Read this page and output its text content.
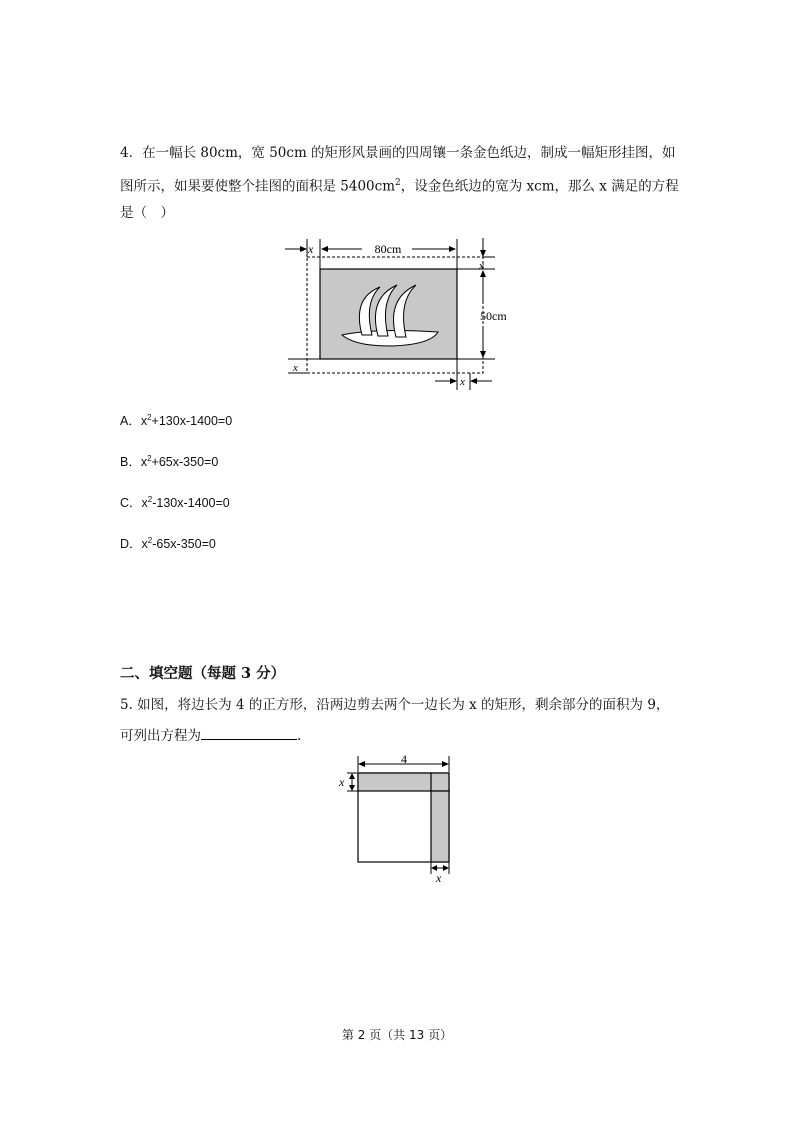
4．在一幅长 80cm，宽 50cm 的矩形风景画的四周镶一条金色纸边，制成一幅矩形挂图，如
图所示，如果要使整个挂图的面积是 $5400cm^2$，设金色纸边的宽为 xcm，那么 x 满足的方程
是（　）
x	80cm
x
50cm
x
x
A．$x^2+130x-1400=0$
B．$x^2+65x-350=0$
C．$x^2-130x-1400=0$
D．$x^2-65x-350=0$
二、填空题（每题 3 分）
5. 如图，将边长为 4 的正方形，沿两边剪去两个一边长为 x 的矩形，剩余部分的面积为 9，
可列出方程为	.
4
x
x
第 2 页（共 13 页）
